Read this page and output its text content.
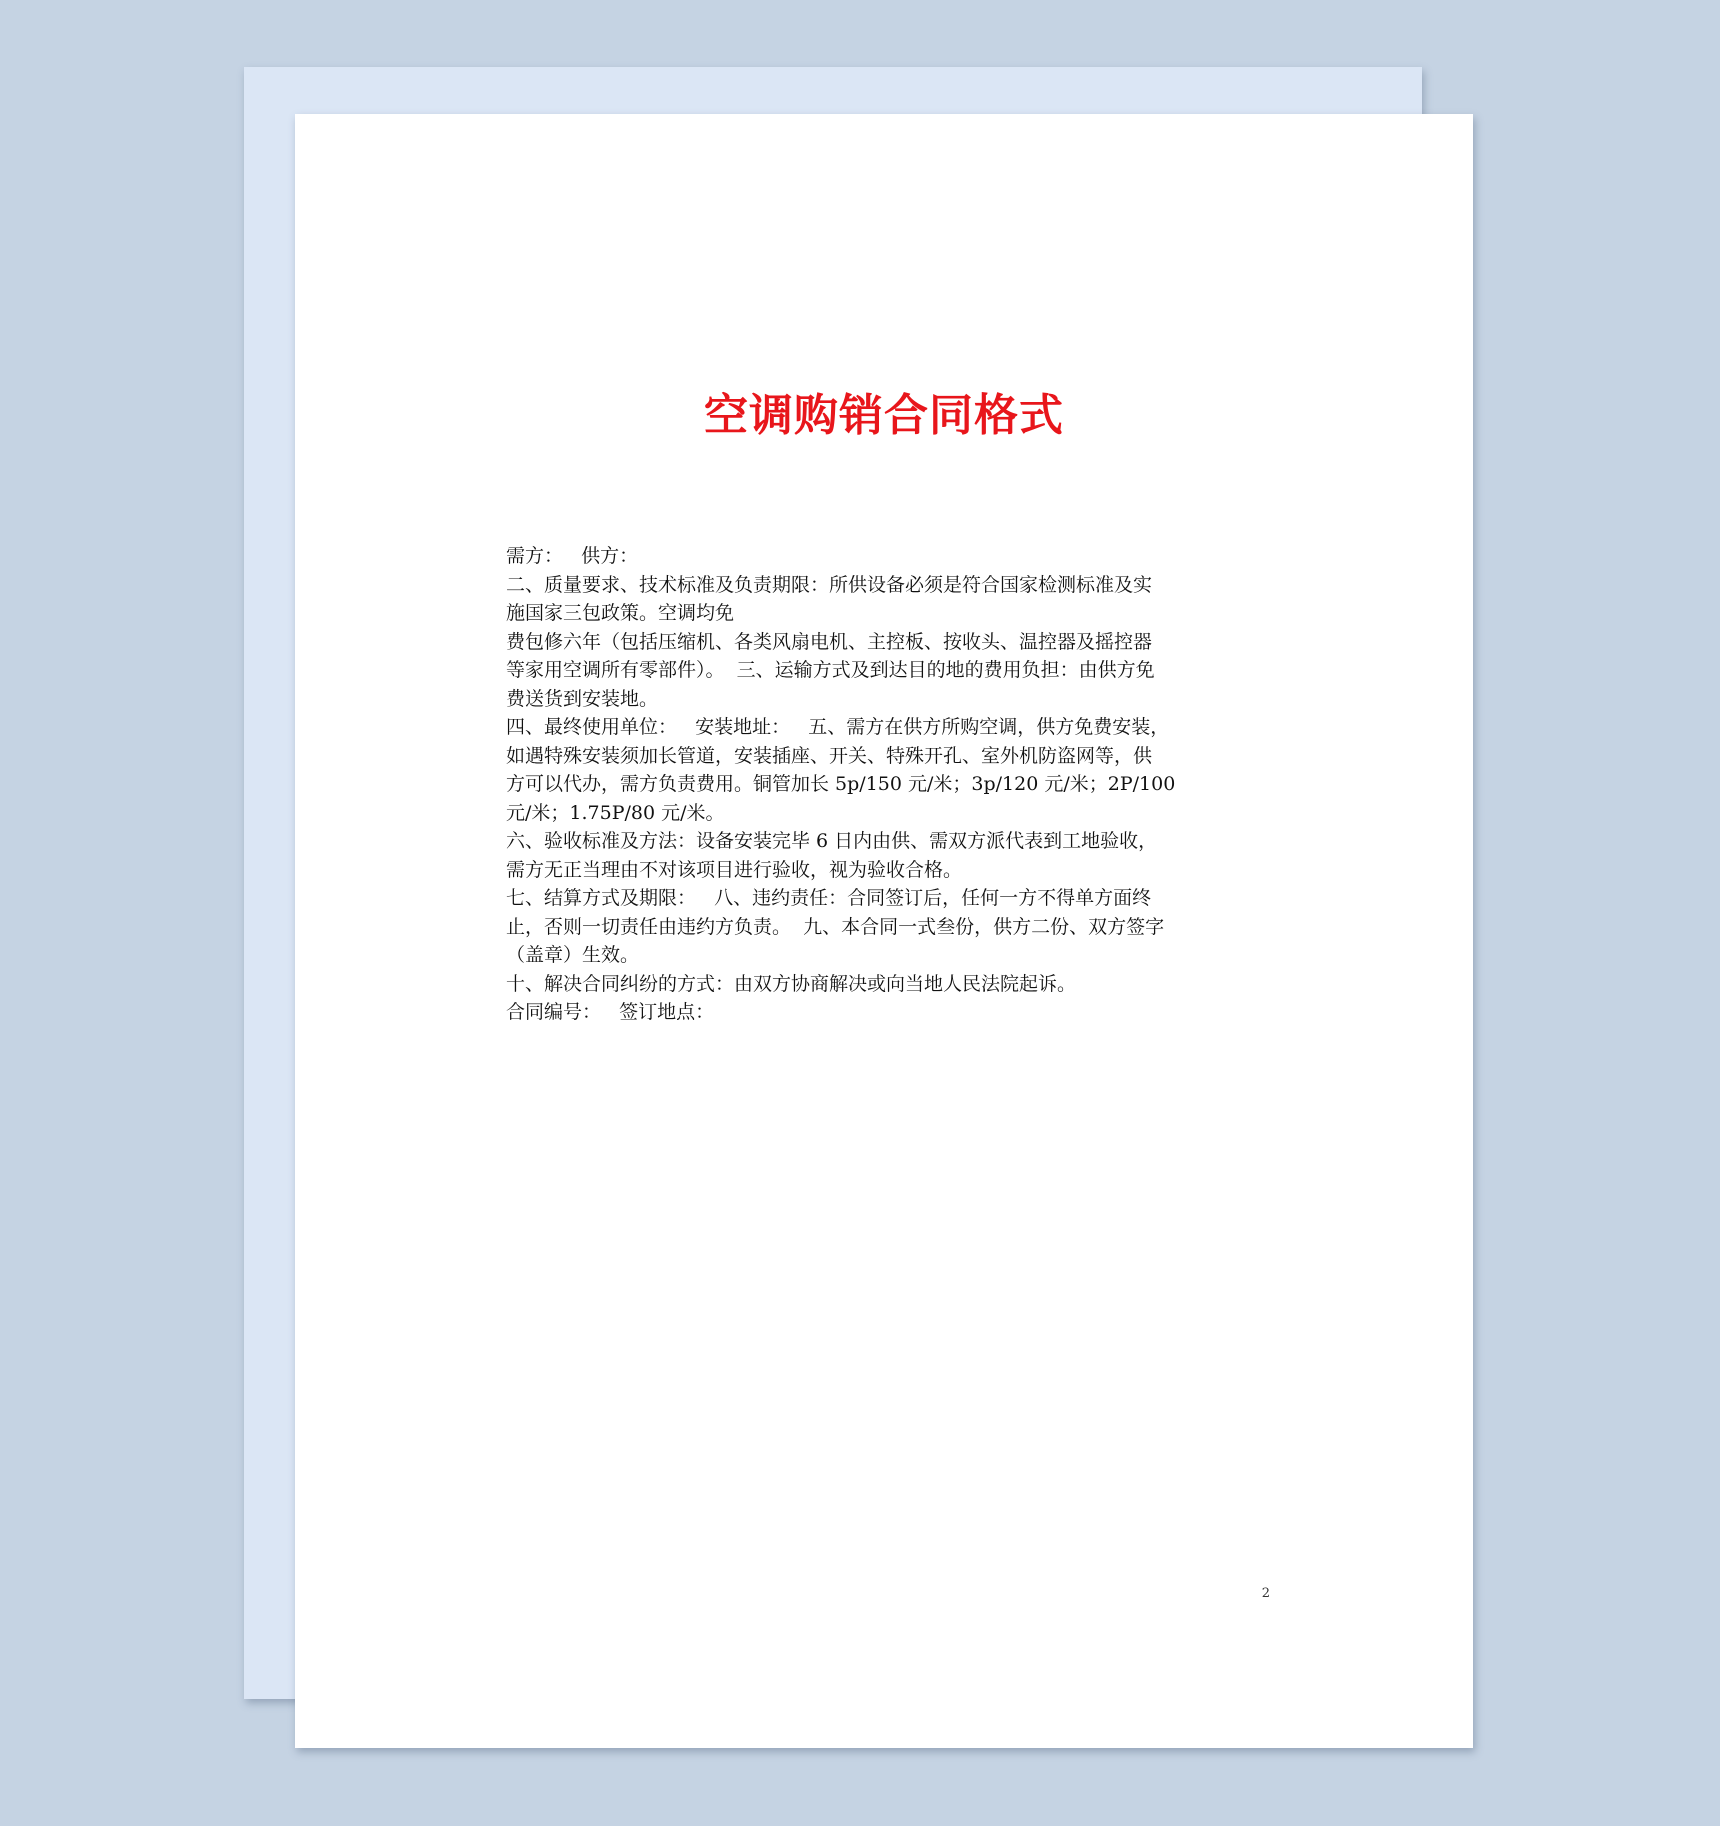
空调购销合同格式

需方：   供方：

二、质量要求、技术标准及负责期限：所供设备必须是符合国家检测标准及实

施国家三包政策。空调均免

费包修六年（包括压缩机、各类风扇电机、主控板、按收头、温控器及摇控器

等家用空调所有零部件）。  三、运输方式及到达目的地的费用负担：由供方免

费送货到安装地。

四、最终使用单位：   安装地址：   五、需方在供方所购空调，供方免费安装，

如遇特殊安装须加长管道，安装插座、开关、特殊开孔、室外机防盗网等，供

方可以代办，需方负责费用。铜管加长 5p/150 元/米；3p/120 元/米；2P/100

元/米；1.75P/80 元/米。

六、验收标准及方法：设备安装完毕 6 日内由供、需双方派代表到工地验收，

需方无正当理由不对该项目进行验收，视为验收合格。

七、结算方式及期限：   八、违约责任：合同签订后，任何一方不得单方面终

止，否则一切责任由违约方负责。  九、本合同一式叁份，供方二份、双方签字

（盖章）生效。

十、解决合同纠纷的方式：由双方协商解决或向当地人民法院起诉。

合同编号：   签订地点：

2
